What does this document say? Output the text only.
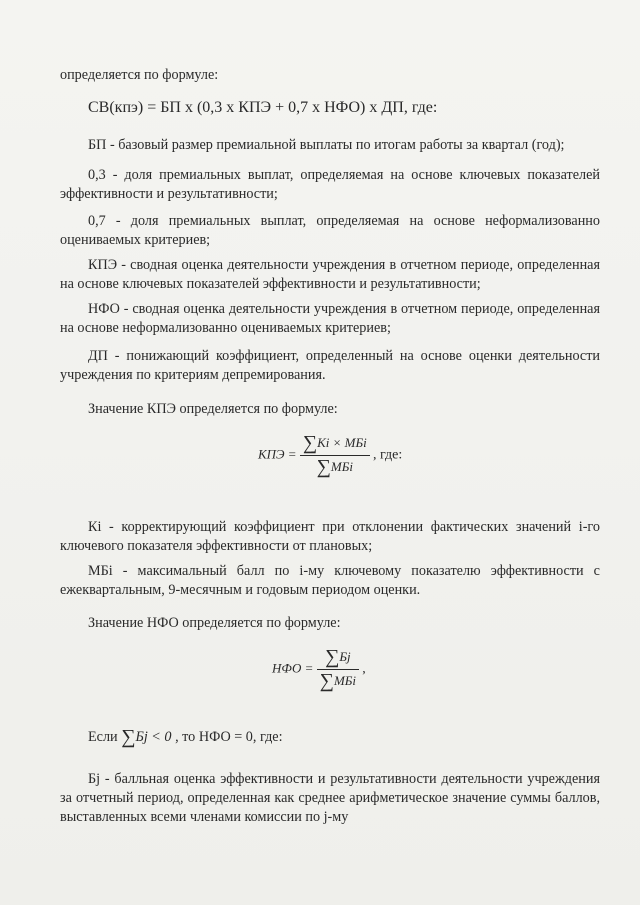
определяется по формуле:
СВ(кпэ) = БП х (0,3 х КПЭ + 0,7 х НФО) х ДП, где:
БП - базовый размер премиальной выплаты по итогам работы за квартал (год);
0,3 - доля премиальных выплат, определяемая на основе ключевых показателей эффективности и результативности;
0,7 - доля премиальных выплат, определяемая на основе неформализованно оцениваемых критериев;
КПЭ - сводная оценка деятельности учреждения в отчетном периоде, определенная на основе ключевых показателей эффективности и результативности;
НФО - сводная оценка деятельности учреждения в отчетном периоде, определенная на основе неформализованно оцениваемых критериев;
ДП - понижающий коэффициент, определенный на основе оценки деятельности учреждения по критериям депремирования.
Значение КПЭ определяется по формуле:
КПЭ = $\frac{\text{∑Ki × MБi}}{\text{∑MБi}}$ , где:
Кi - корректирующий коэффициент при отклонении фактических значений i-го ключевого показателя эффективности от плановых;
МБi - максимальный балл по i-му ключевому показателю эффективности с ежеквартальным, 9-месячным и годовым периодом оценки.
Значение НФО определяется по формуле:
НФО = $\frac{\sum Бj}{\text{∑MБi}}$ ,
Если ∑Бj < 0 , то НФО = 0, где:
Бj - балльная оценка эффективности и результативности деятельности учреждения за отчетный период, определенная как среднее арифметическое значение суммы баллов, выставленных всеми членами комиссии по j-му
